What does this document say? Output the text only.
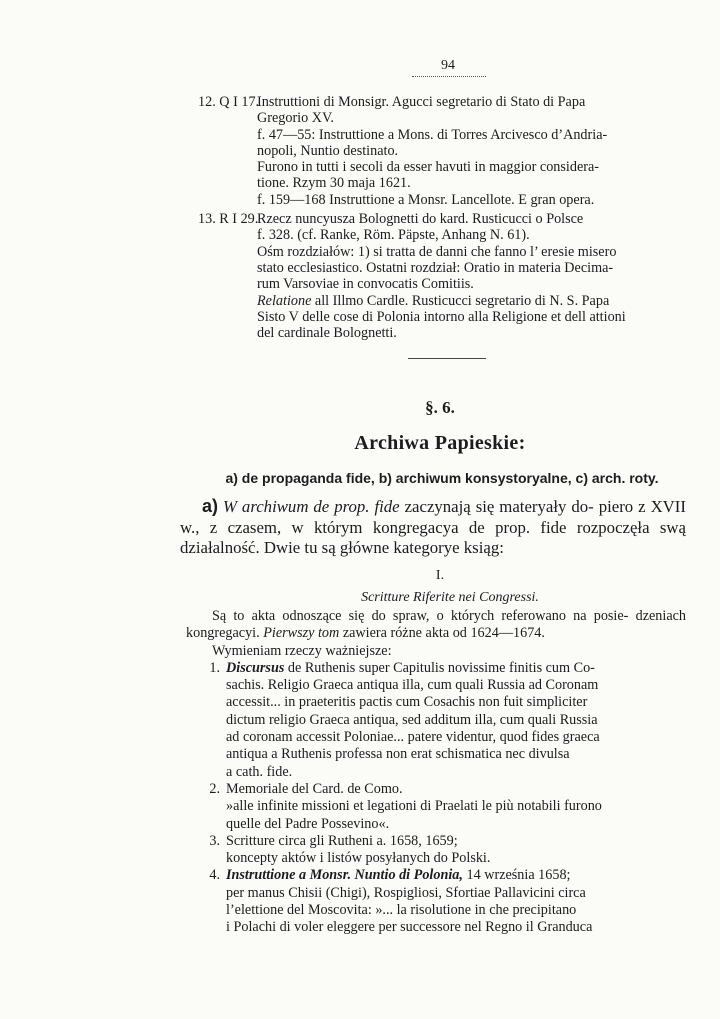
94
12. Q I 17.Instruttioni di Monsigr. Agucci segretario di Stato di Papa

Gregorio XV.

f. 47—55: Instruttione a Mons. di Torres Arcivesco d’Andria-

nopoli, Nuntio destinato.

Furono in tutti i secoli da esser havuti in maggior considera-

tione. Rzym 30 maja 1621.

f. 159—168 Instruttione a Monsr. Lancellote. E gran opera.

13. R I 29.Rzecz nuncyusza Bolognetti do kard. Rusticucci o Polsce

f. 328. (cf. Ranke, Röm. Päpste, Anhang N. 61).

Ośm rozdziałów: 1) si tratta de danni che fanno l’ eresie misero

stato ecclesiastico. Ostatni rozdział: Oratio in materia Decima-

rum Varsoviae in convocatis Comitiis.

Relatione all Illmo Cardle. Rusticucci segretario di N. S. Papa

Sisto V delle cose di Polonia intorno alla Religione et dell attioni

del cardinale Bolognetti.

§. 6.
Archiwa Papieskie:
a) de propaganda fide, b) archiwum konsystoryalne, c) arch. roty.
a) W archiwum de prop. fide zaczynają się materyały do- piero z XVII w., z czasem, w którym kongregacya de prop. fide rozpoczęła swą działalność. Dwie tu są główne kategorye ksiąg:
I.
Scritture Riferite nei Congressi.

Są to akta odnoszące się do spraw, o których referowano na posie- dzeniach kongregacyi. Pierwszy tom zawiera różne akta od 1624—1674.

Wymieniam rzeczy ważniejsze:

1. Discursus de Ruthenis super Capitulis novissime finitis cum Co-
sachis. Religio Graeca antiqua illa, cum quali Russia ad Coronam
accessit... in praeteritis pactis cum Cosachis non fuit simpliciter
dictum religio Graeca antiqua, sed additum illa, cum quali Russia
ad coronam accessit Poloniae... patere videntur, quod fides graeca
antiqua a Ruthenis professa non erat schismatica nec divulsa
a cath. fide.
2. Memoriale del Card. de Como.
»alle infinite missioni et legationi di Praelati le più notabili furono
quelle del Padre Possevino«.
3. Scritture circa gli Rutheni a. 1658, 1659;
koncepty aktów i listów posyłanych do Polski.
4. Instruttione a Monsr. Nuntio di Polonia, 14 września 1658;
per manus Chisii (Chigi), Rospigliosi, Sfortiae Pallavicini circa
l’elettione del Moscovita: »... la risolutione in che precipitano
i Polachi di voler eleggere per successore nel Regno il Granduca
